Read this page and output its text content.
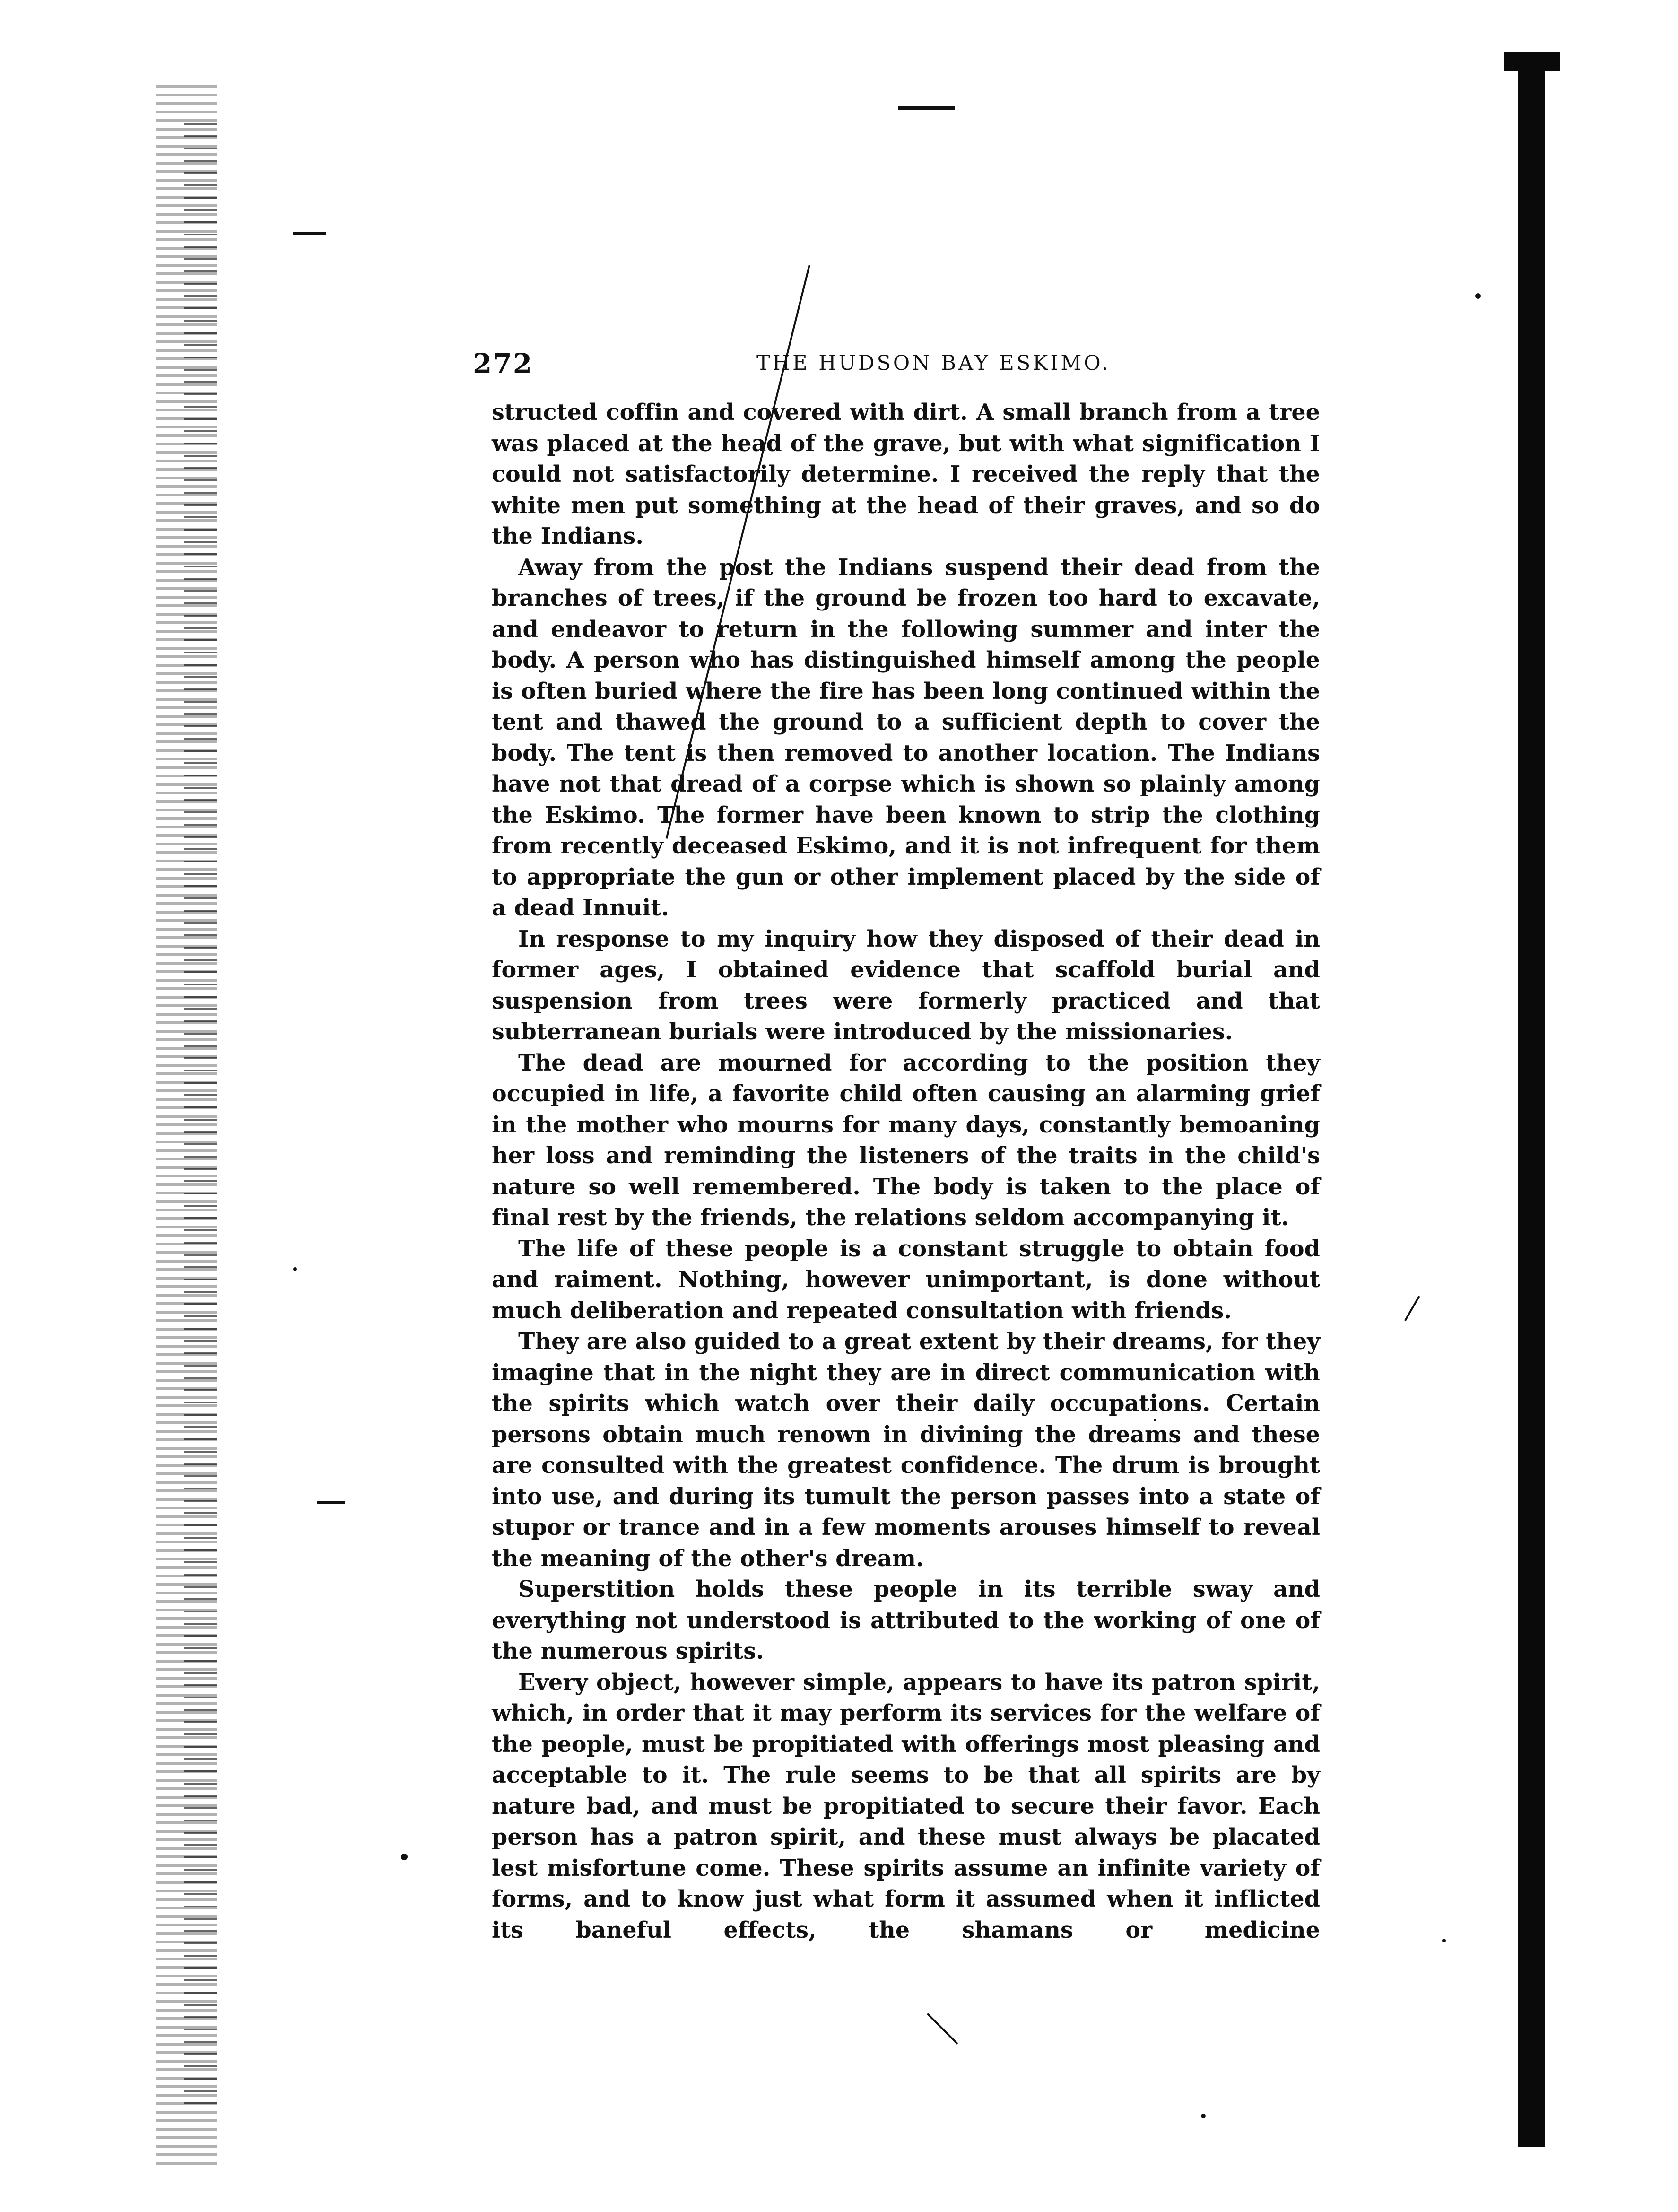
272	THE HUDSON BAY ESKIMO.

structed coffin and covered with dirt. A small branch from a tree was placed at the head of the grave, but with what signification I could not satisfactorily determine. I received the reply that the white men put something at the head of their graves, and so do the Indians.

Away from the post the Indians suspend their dead from the branches of trees, if the ground be frozen too hard to excavate, and endeavor to return in the following summer and inter the body. A person who has distinguished himself among the people is often buried where the fire has been long continued within the tent and thawed the ground to a sufficient depth to cover the body. The tent is then removed to another location. The Indians have not that dread of a corpse which is shown so plainly among the Eskimo. The former have been known to strip the clothing from recently deceased Eskimo, and it is not infrequent for them to appropriate the gun or other implement placed by the side of a dead Innuit.

In response to my inquiry how they disposed of their dead in former ages, I obtained evidence that scaffold burial and suspension from trees were formerly practiced and that subterranean burials were introduced by the missionaries.

The dead are mourned for according to the position they occupied in life, a favorite child often causing an alarming grief in the mother who mourns for many days, constantly bemoaning her loss and reminding the listeners of the traits in the child's nature so well remembered. The body is taken to the place of final rest by the friends, the relations seldom accompanying it.

The life of these people is a constant struggle to obtain food and raiment. Nothing, however unimportant, is done without much deliberation and repeated consultation with friends.

They are also guided to a great extent by their dreams, for they imagine that in the night they are in direct communication with the spirits which watch over their daily occupations. Certain persons obtain much renown in divining the dreams and these are consulted with the greatest confidence. The drum is brought into use, and during its tumult the person passes into a state of stupor or trance and in a few moments arouses himself to reveal the meaning of the other's dream.

Superstition holds these people in its terrible sway and everything not understood is attributed to the working of one of the numerous spirits.

Every object, however simple, appears to have its patron spirit, which, in order that it may perform its services for the welfare of the people, must be propitiated with offerings most pleasing and acceptable to it. The rule seems to be that all spirits are by nature bad, and must be propitiated to secure their favor. Each person has a patron spirit, and these must always be placated lest misfortune come. These spirits assume an infinite variety of forms, and to know just what form it assumed when it inflicted its baneful effects, the shamans or medicine
